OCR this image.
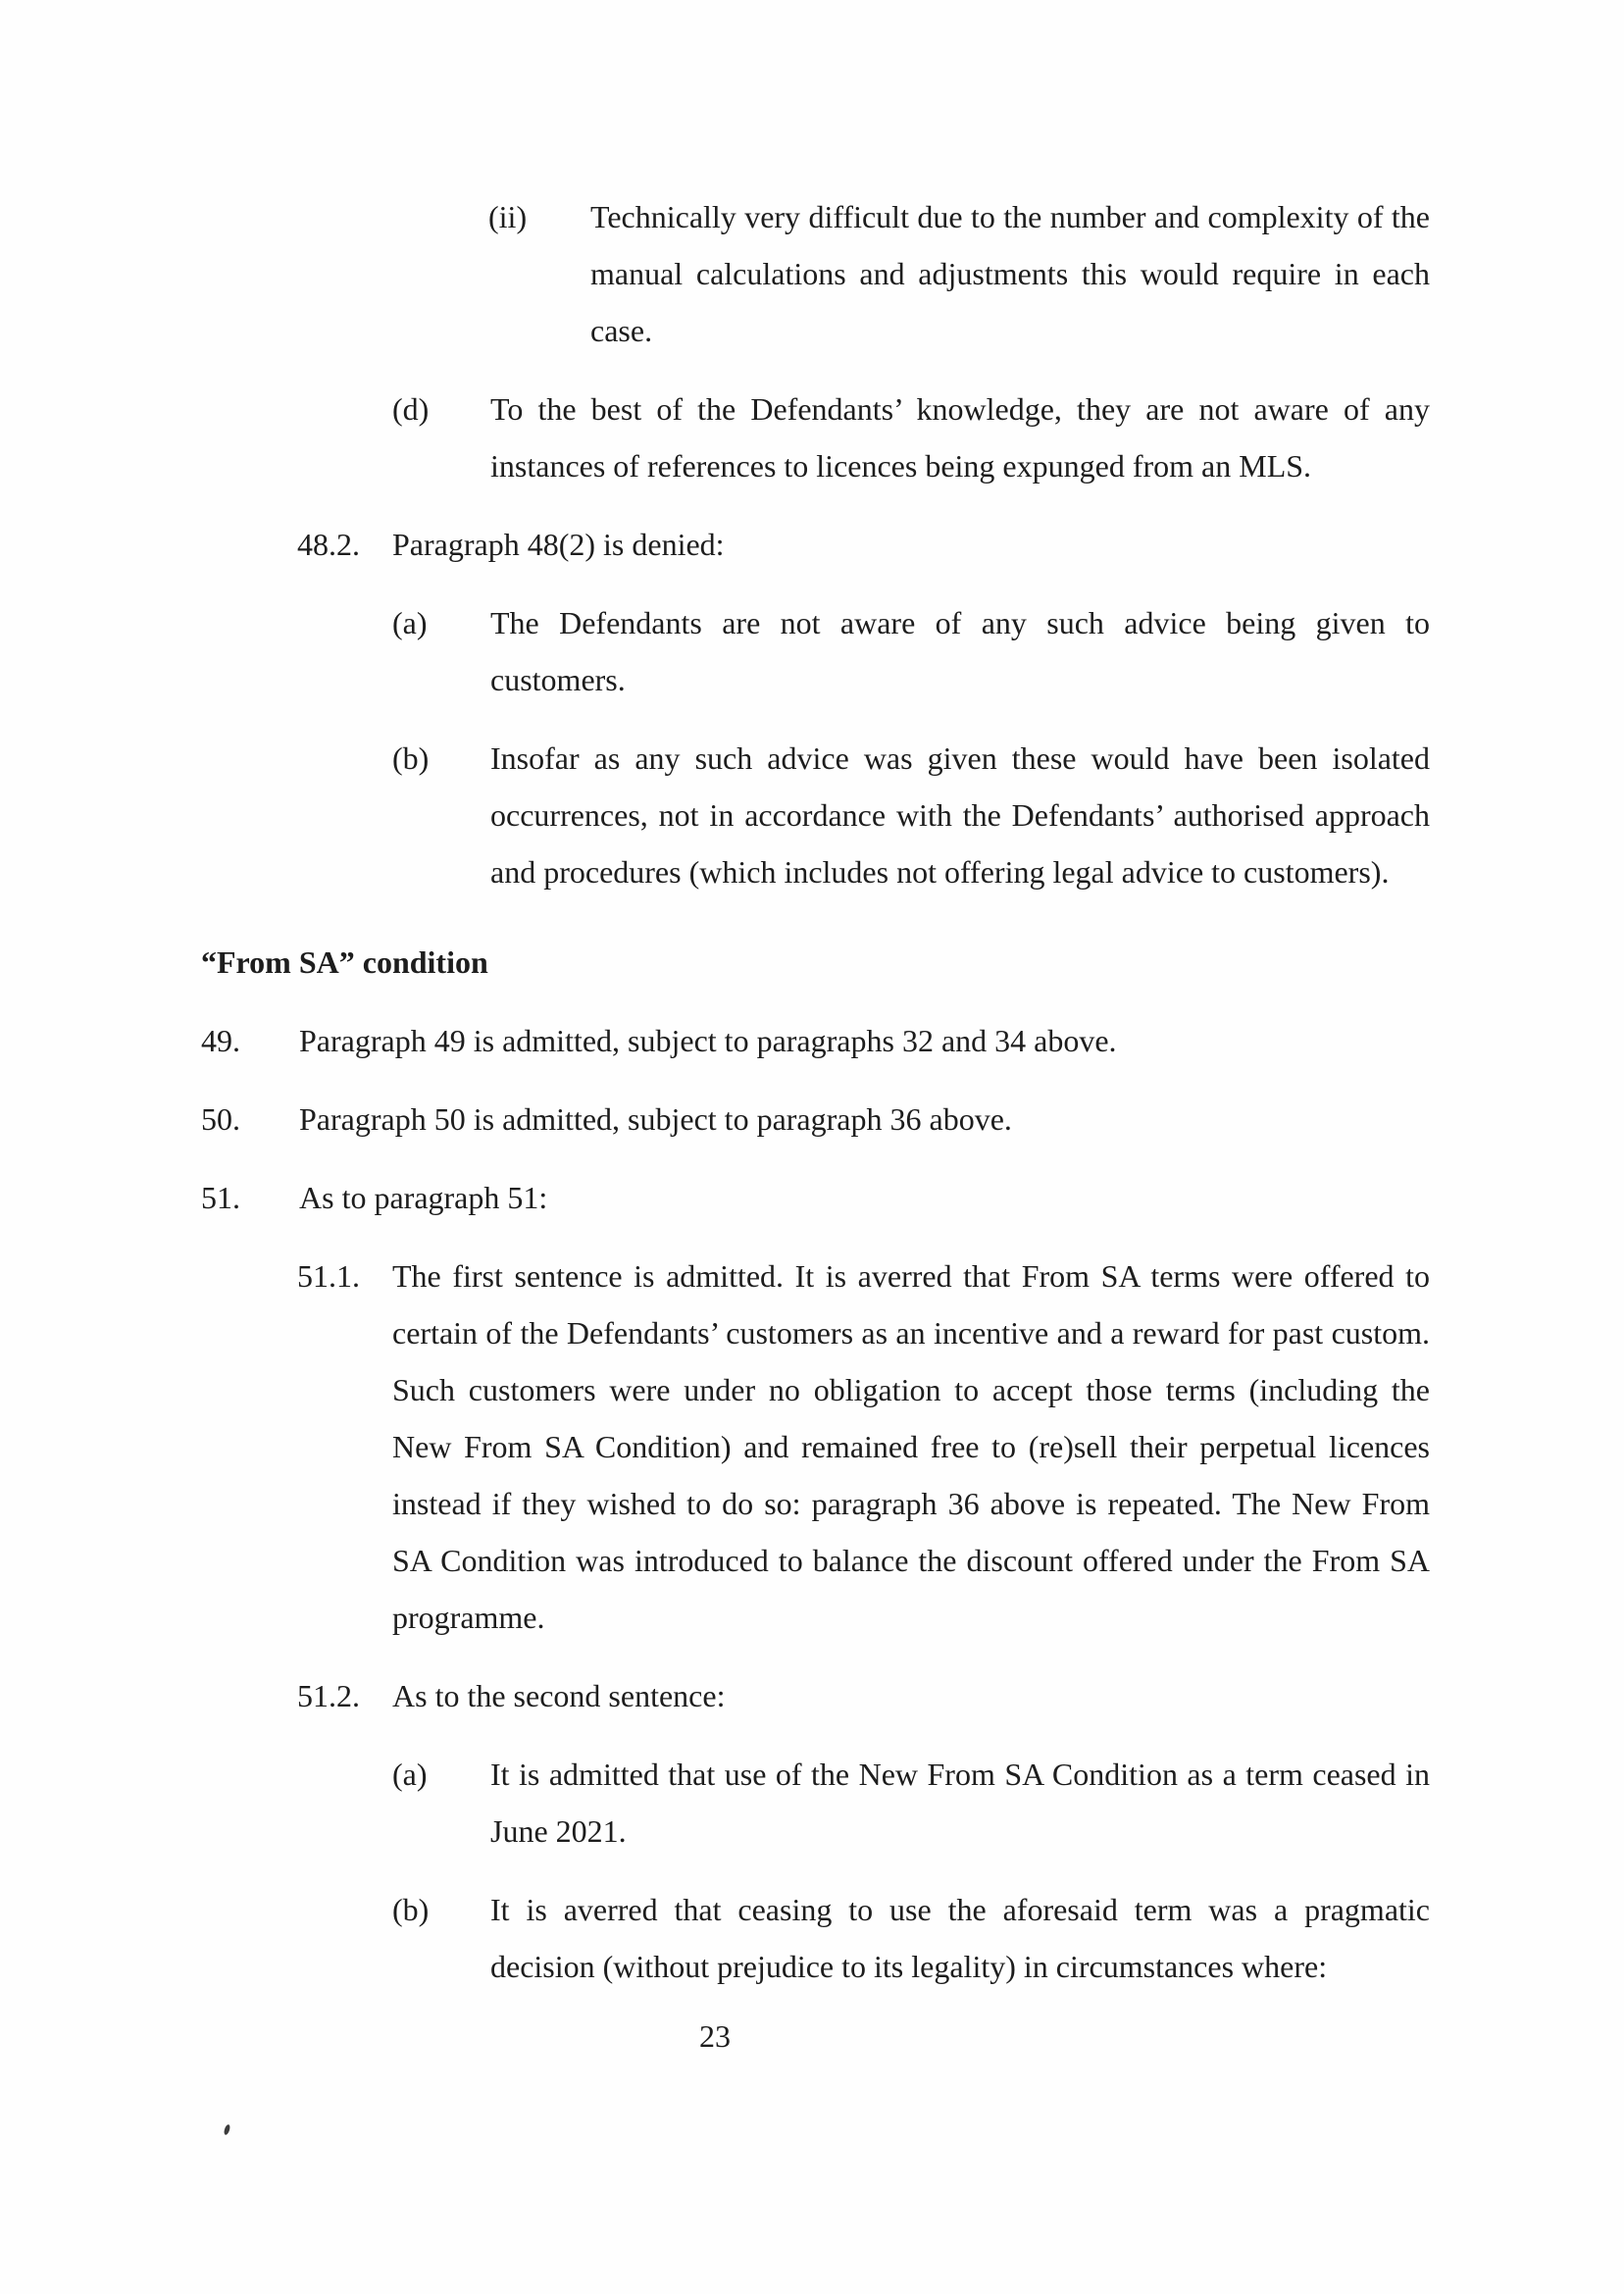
(ii)	Technically very difficult due to the number and complexity of the manual calculations and adjustments this would require in each case.
(d)	To the best of the Defendants’ knowledge, they are not aware of any instances of references to licences being expunged from an MLS.
48.2.	Paragraph 48(2) is denied:
(a)	The Defendants are not aware of any such advice being given to customers.
(b)	Insofar as any such advice was given these would have been isolated occurrences, not in accordance with the Defendants’ authorised approach and procedures (which includes not offering legal advice to customers).
“From SA” condition
49.	Paragraph 49 is admitted, subject to paragraphs 32 and 34 above.
50.	Paragraph 50 is admitted, subject to paragraph 36 above.
51.	As to paragraph 51:
51.1.	The first sentence is admitted. It is averred that From SA terms were offered to certain of the Defendants’ customers as an incentive and a reward for past custom. Such customers were under no obligation to accept those terms (including the New From SA Condition) and remained free to (re)sell their perpetual licences instead if they wished to do so: paragraph 36 above is repeated. The New From SA Condition was introduced to balance the discount offered under the From SA programme.
51.2.	As to the second sentence:
(a)	It is admitted that use of the New From SA Condition as a term ceased in June 2021.
(b)	It is averred that ceasing to use the aforesaid term was a pragmatic decision (without prejudice to its legality) in circumstances where:
23
